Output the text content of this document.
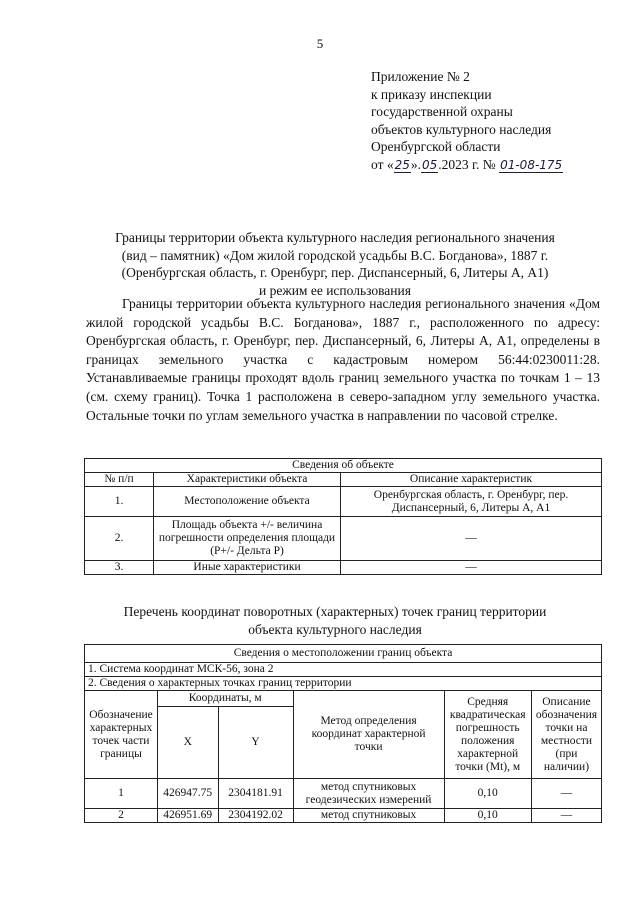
5
Приложение № 2
к приказу инспекции
государственной охраны
объектов культурного наследия
Оренбургской области
от «25».05.2023 г. № 01-08-175
Границы территории объекта культурного наследия регионального значения
(вид – памятник) «Дом жилой городской усадьбы В.С. Богданова», 1887 г.
(Оренбургская область, г. Оренбург, пер. Диспансерный, 6, Литеры А, А1)
и режим ее использования
Границы территории объекта культурного наследия регионального значения «Дом жилой городской усадьбы В.С. Богданова», 1887 г., расположенного по адресу: Оренбургская область, г. Оренбург, пер. Диспансерный, 6, Литеры А, А1, определены в границах земельного участка с кадастровым номером 56:44:0230011:28. Устанавливаемые границы проходят вдоль границ земельного участка по точкам 1 – 13 (см. схему границ). Точка 1 расположена в северо-западном углу земельного участка. Остальные точки по углам земельного участка в направлении по часовой стрелке.
Сведения об объекте		
№ п/п	Характеристики объекта	Описание характеристик
1.	Местоположение объекта	Оренбургская область, г. Оренбург, пер. Диспансерный, 6, Литеры А, А1
2.	Площадь объекта +/- величина погрешности определения площади (P+/- Дельта P)	—
3.	Иные характеристики	—
Перечень координат поворотных (характерных) точек границ территории
объекта культурного наследия
Сведения о местоположении границ объекта					
1. Система координат МСК-56, зона 2					
2. Сведения о характерных точках границ территории					
Обозначение характерных точек части границы	Координаты, м		Метод определения координат характерной точки	Средняя квадратическая погрешность положения характерной точки (Mt), м	Описание обозначения точки на местности (при наличии)
	X	Y			
1	426947.75	2304181.91	метод спутниковых геодезических измерений	0,10	—
2	426951.69	2304192.02	метод спутниковых	0,10	—
